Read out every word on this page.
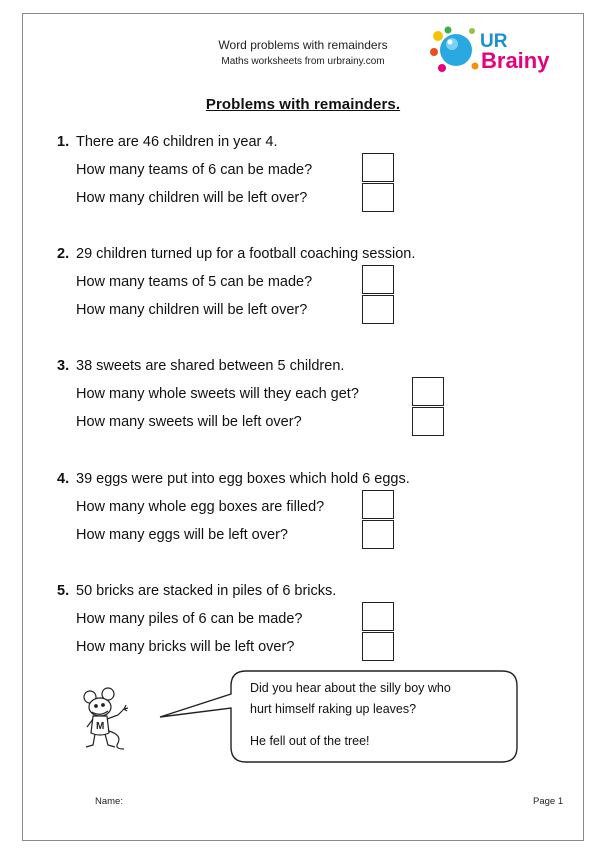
Word problems with remainders
Maths worksheets from urbrainy.com
UR
Brainy
Problems with remainders.
1. There are 46 children in year 4.
How many teams of 6 can be made?
How many children will be left over?
2. 29 children turned up for a football coaching session.
How many teams of 5 can be made?
How many children will be left over?
3. 38 sweets are shared between 5 children.
How many whole sweets will they each get?
How many sweets will be left over?
4. 39 eggs were put into egg boxes which hold 6 eggs.
How many whole egg boxes are filled?
How many eggs will be left over?
5. 50 bricks are stacked in piles of 6 bricks.
How many piles of 6 can be made?
How many bricks will be left over?
Did you hear about the silly boy who
hurt himself raking up leaves?
He fell out of the tree!
M
Name:	Page 1
